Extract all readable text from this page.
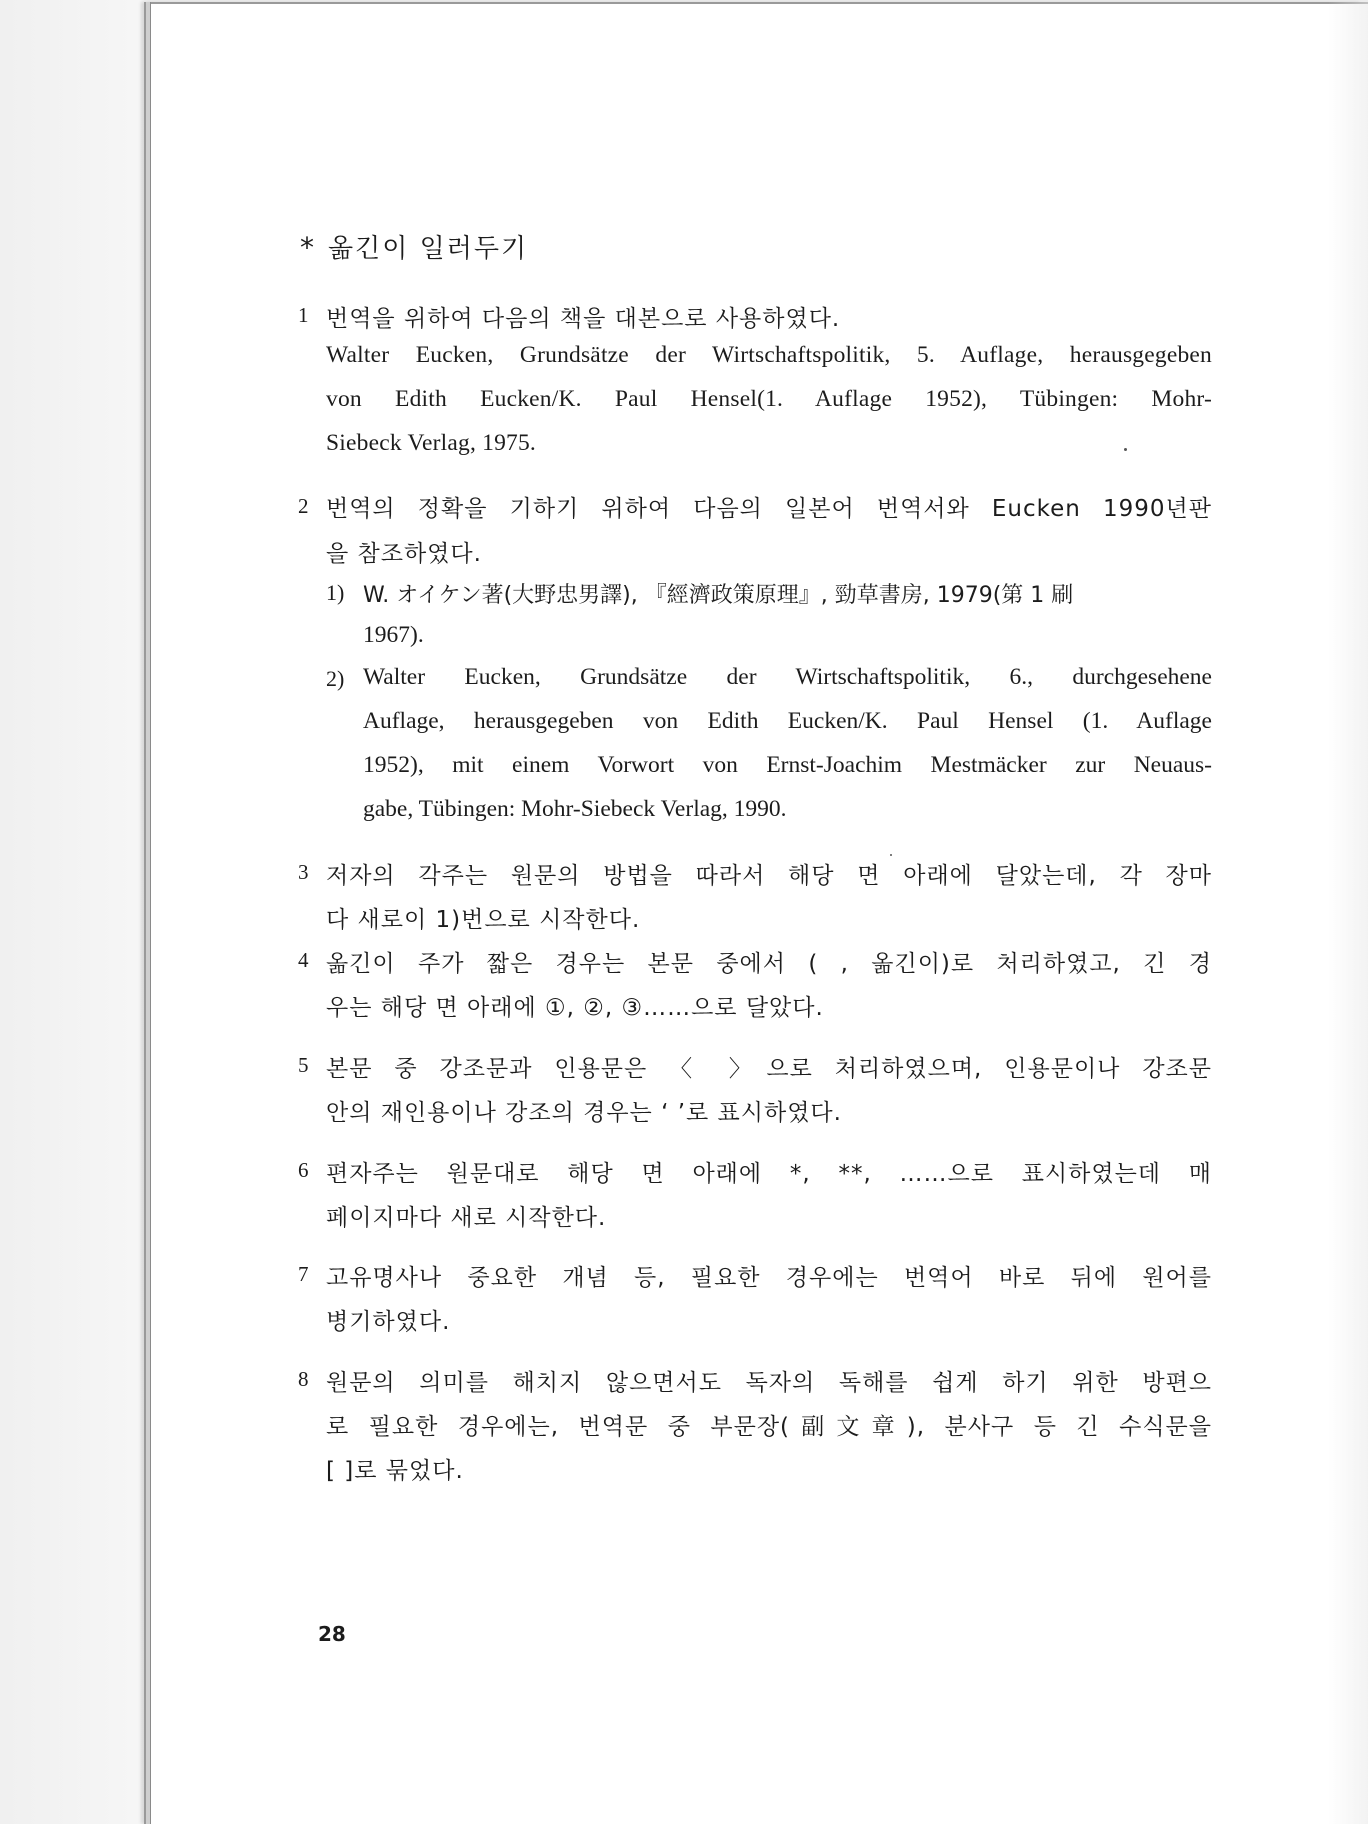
* 옮긴이 일러두기
1 번역을 위하여 다음의 책을 대본으로 사용하였다.
Walter Eucken, Grundsätze der Wirtschaftspolitik, 5. Auflage, herausgegeben
von Edith Eucken/K. Paul Hensel(1. Auflage 1952), Tübingen: Mohr-
Siebeck Verlag, 1975.
2 번역의 정확을 기하기 위하여 다음의 일본어 번역서와 Eucken 1990년판
을 참조하였다.
1) W. オイケン著(大野忠男譯), 『經濟政策原理』, 勁草書房, 1979(第 1 刷
1967).
2) Walter Eucken, Grundsätze der Wirtschaftspolitik, 6., durchgesehene
Auflage, herausgegeben von Edith Eucken/K. Paul Hensel (1. Auflage
1952), mit einem Vorwort von Ernst-Joachim Mestmäcker zur Neuaus-
gabe, Tübingen: Mohr-Siebeck Verlag, 1990.
3 저자의 각주는 원문의 방법을 따라서 해당 면 아래에 달았는데, 각 장마
다 새로이 1)번으로 시작한다.
4 옮긴이 주가 짧은 경우는 본문 중에서 ( , 옮긴이)로 처리하였고, 긴 경
우는 해당 면 아래에 ①, ②, ③……으로 달았다.
5 본문 중 강조문과 인용문은 〈 〉으로 처리하였으며, 인용문이나 강조문
안의 재인용이나 강조의 경우는 ‘ ’로 표시하였다.
6 편자주는 원문대로 해당 면 아래에 *, **, ……으로 표시하였는데 매
페이지마다 새로 시작한다.
7 고유명사나 중요한 개념 등, 필요한 경우에는 번역어 바로 뒤에 원어를
병기하였다.
8 원문의 의미를 해치지 않으면서도 독자의 독해를 쉽게 하기 위한 방편으
로 필요한 경우에는, 번역문 중 부문장(副文章), 분사구 등 긴 수식문을
[ ]로 묶었다.
28
